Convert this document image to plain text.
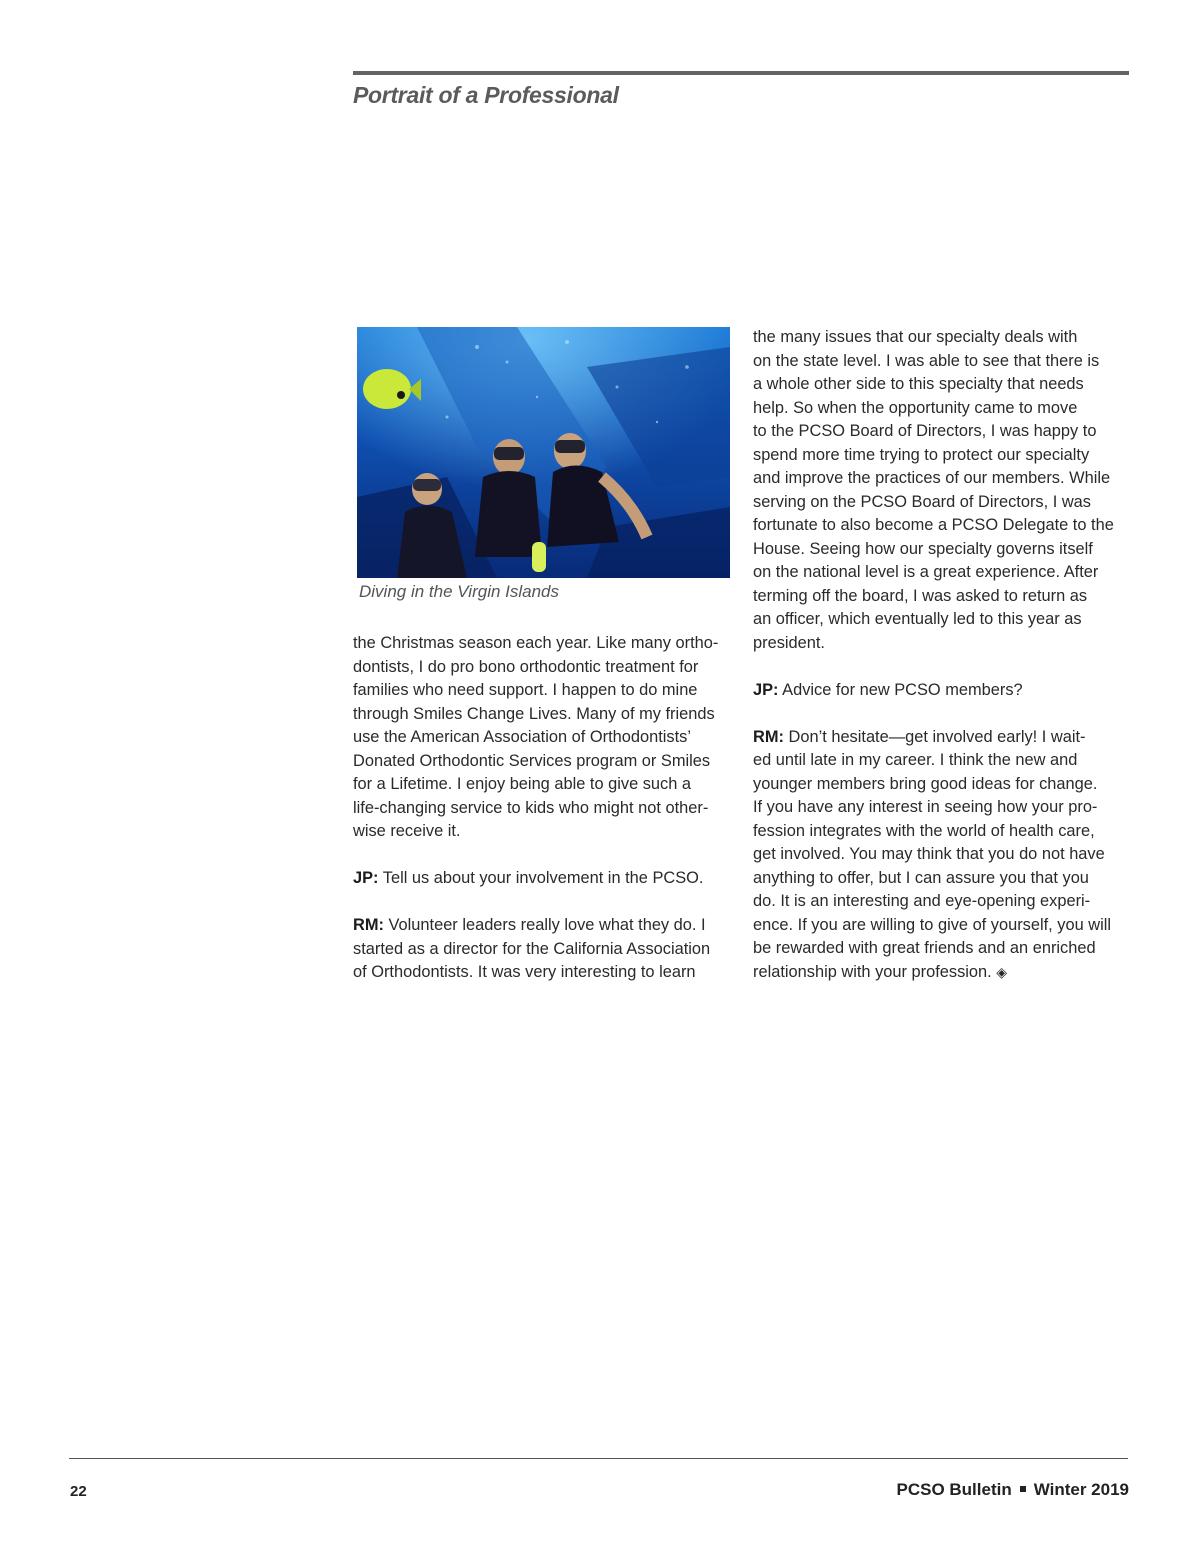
Portrait of a Professional
Diving in the Virgin Islands

the Christmas season each year. Like many ortho-
dontists, I do pro bono orthodontic treatment for
families who need support. I happen to do mine
through Smiles Change Lives. Many of my friends
use the American Association of Orthodontists’
Donated Orthodontic Services program or Smiles
for a Lifetime. I enjoy being able to give such a
life-changing service to kids who might not other-
wise receive it.

JP: Tell us about your involvement in the PCSO.

RM: Volunteer leaders really love what they do. I
started as a director for the California Association
of Orthodontists. It was very interesting to learn

the many issues that our specialty deals with
on the state level. I was able to see that there is
a whole other side to this specialty that needs
help. So when the opportunity came to move
to the PCSO Board of Directors, I was happy to
spend more time trying to protect our specialty
and improve the practices of our members. While
serving on the PCSO Board of Directors, I was
fortunate to also become a PCSO Delegate to the
House. Seeing how our specialty governs itself
on the national level is a great experience. After
terming off the board, I was asked to return as
an officer, which eventually led to this year as
president.

JP: Advice for new PCSO members?

RM: Don’t hesitate—get involved early! I wait-
ed until late in my career. I think the new and
younger members bring good ideas for change.
If you have any interest in seeing how your pro-
fession integrates with the world of health care,
get involved. You may think that you do not have
anything to offer, but I can assure you that you
do. It is an interesting and eye-opening experi-
ence. If you are willing to give of yourself, you will
be rewarded with great friends and an enriched
relationship with your profession. ◈

22	PCSO Bulletin Winter 2019
